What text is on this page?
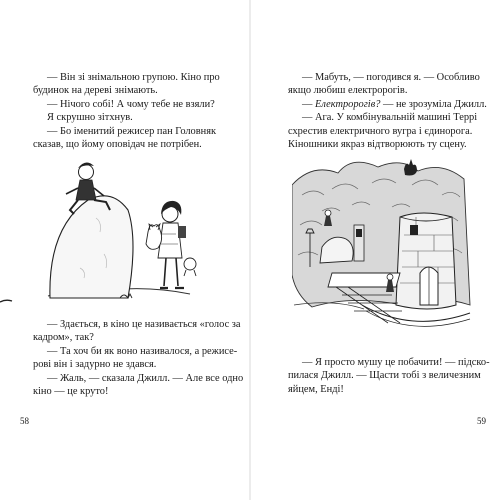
— Він зі знімальною групою. Кіно про

будинок на дереві знімають.

— Нічого собі! А чому тебе не взяли?

Я скрушно зітхнув.

— Бо іменитий режисер пан Головняк

сказав, що йому оповідач не потрібен.

— Здається, в кіно це називається «голос за

кадром», так?

— Та хоч би як воно називалося, а режисе-

рові він і задурно не здався.

— Жаль, — сказала Джилл. — Але все одно

кіно — це круто!

58

— Мабуть, — погодився я. — Особливо

якщо любиш електророгів.

— Електророгів? — не зрозуміла Джилл.

— Ага. У комбінувальній машині Террі

схрестив електричного вугра і єдинорога.

Кіношники якраз відтворюють ту сцену.

— Я просто мушу це побачити! — підско-

пилася Джилл. — Щасти тобі з величезним

яйцем, Енді!

59
